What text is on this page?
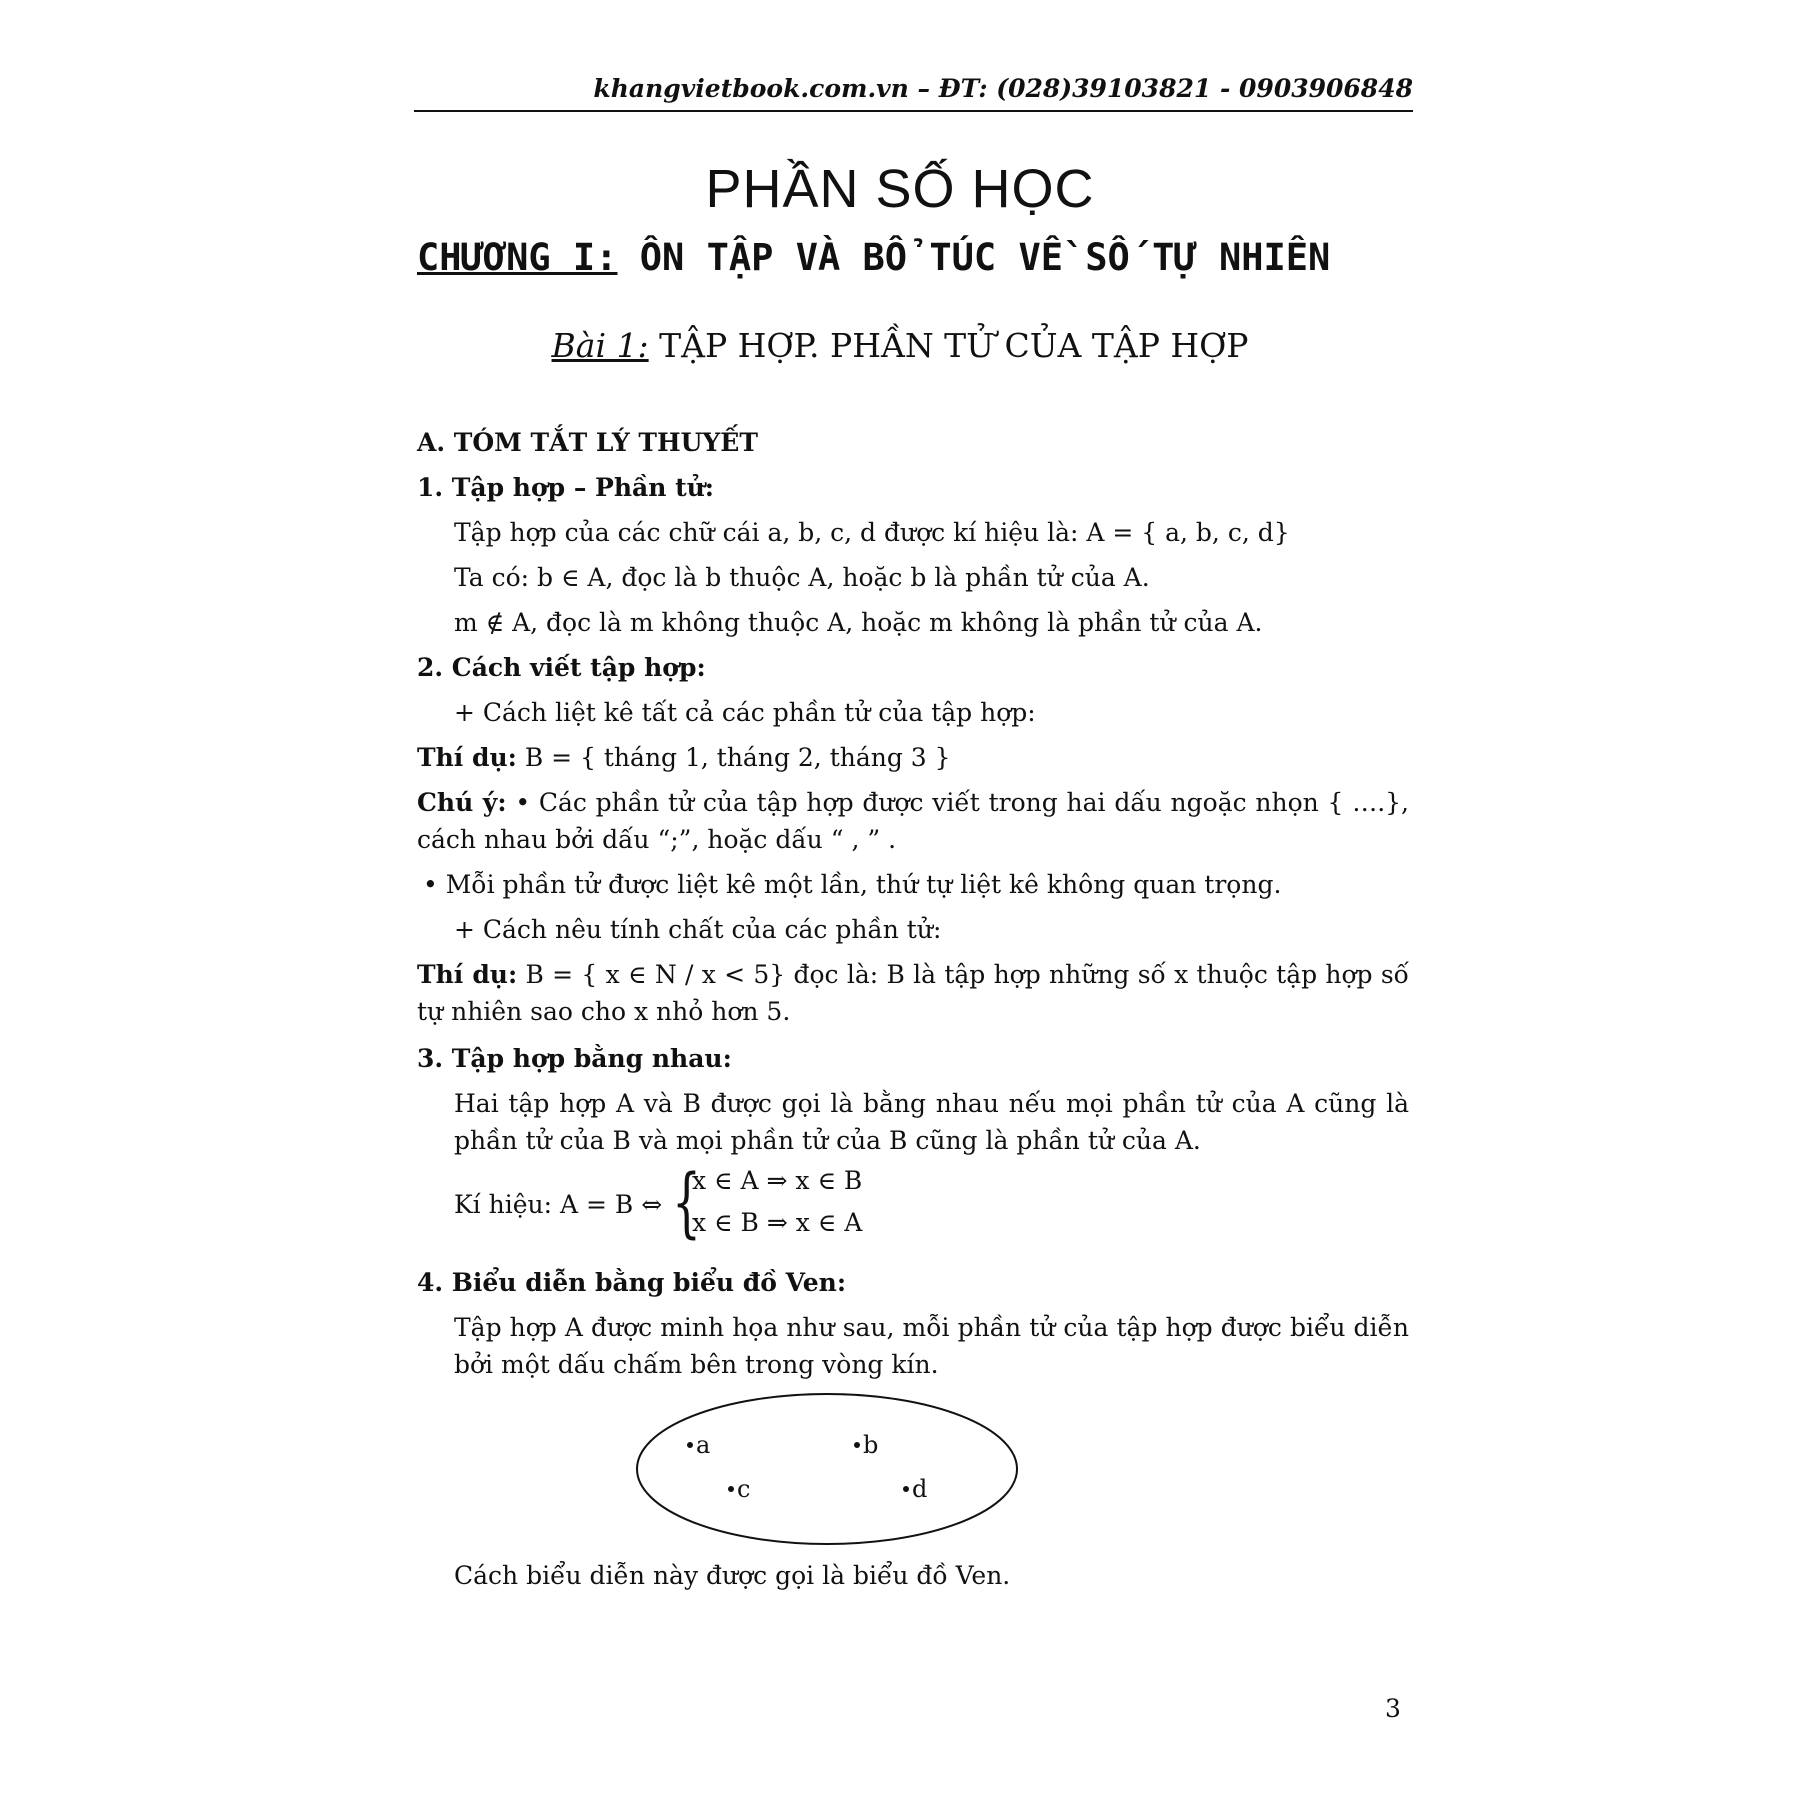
khangvietbook.com.vn – ĐT: (028)39103821 - 0903906848
PHẦN SỐ HỌC
CHƯƠNG I: ÔN TẬP VÀ BỔ TÚC VỀ SỐ TỰ NHIÊN
Bài 1: TẬP HỢP. PHẦN TỬ CỦA TẬP HỢP
A. TÓM TẮT LÝ THUYẾT
1. Tập hợp – Phần tử:
Tập hợp của các chữ cái a, b, c, d được kí hiệu là: A = { a, b, c, d}
Ta có: b ∈ A, đọc là b thuộc A, hoặc b là phần tử của A.
m ∉ A, đọc là m không thuộc A, hoặc m không là phần tử của A.
2. Cách viết tập hợp:
+ Cách liệt kê tất cả các phần tử của tập hợp:
Thí dụ: B = { tháng 1, tháng 2, tháng 3 }
Chú ý: • Các phần tử của tập hợp được viết trong hai dấu ngoặc nhọn { ….}, cách nhau bởi dấu “;”, hoặc dấu “ , ” .
• Mỗi phần tử được liệt kê một lần, thứ tự liệt kê không quan trọng.
+ Cách nêu tính chất của các phần tử:
Thí dụ: B = { x ∈ N / x < 5} đọc là: B là tập hợp những số x thuộc tập hợp số tự nhiên sao cho x nhỏ hơn 5.
3. Tập hợp bằng nhau:
Hai tập hợp A và B được gọi là bằng nhau nếu mọi phần tử của A cũng là phần tử của B và mọi phần tử của B cũng là phần tử của A.
Kí hiệu: A = B ⇔ {
x ∈ A ⇒ x ∈ B
x ∈ B ⇒ x ∈ A
4. Biểu diễn bằng biểu đồ Ven:
Tập hợp A được minh họa như sau, mỗi phần tử của tập hợp được biểu diễn bởi một dấu chấm bên trong vòng kín.
a	b
c	d
Cách biểu diễn này được gọi là biểu đồ Ven.
3
